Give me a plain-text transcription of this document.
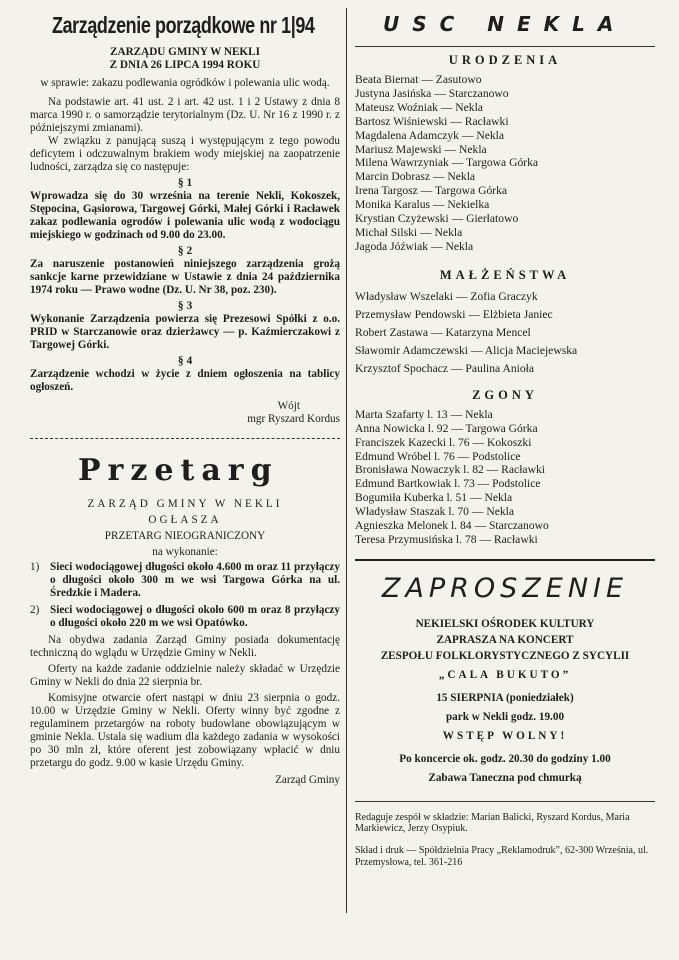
Zarządzenie porządkowe nr 1|94

ZARZĄDU GMINY W NEKLI

Z DNIA 26 LIPCA 1994 ROKU

w sprawie: zakazu podlewania ogródków i polewania ulic wodą.

Na podstawie art. 41 ust. 2 i art. 42 ust. 1 i 2 Ustawy z dnia 8 marca 1990 r. o samorządzie terytorialnym (Dz. U. Nr 16 z 1990 r. z późniejszymi zmianami).

W związku z panującą suszą i występującym z tego powodu deficytem i odczuwalnym brakiem wody miejskiej na zaopatrzenie ludności, zarządza się co następuje:

§ 1

Wprowadza się do 30 września na terenie Nekli, Kokoszek, Stępocina, Gąsiorowa, Targowej Górki, Małej Górki i Racławek zakaz podlewania ogrodów i polewania ulic wodą z wodociągu miejskiego w godzinach od 9.00 do 23.00.

§ 2

Za naruszenie postanowień niniejszego zarządzenia grożą sankcje karne przewidziane w Ustawie z dnia 24 października 1974 roku — Prawo wodne (Dz. U. Nr 38, poz. 230).

§ 3

Wykonanie Zarządzenia powierza się Prezesowi Spółki z o.o. PRID w Starczanowie oraz dzierżawcy — p. Kaźmierczakowi z Targowej Górki.

§ 4

Zarządzenie wchodzi w życie z dniem ogłoszenia na tablicy ogłoszeń.

Wójt
mgr Ryszard Kordus
Przetarg

ZARZĄD GMINY W NEKLI

OGŁASZA

PRZETARG NIEOGRANICZONY

na wykonanie:

1) Sieci wodociągowej długości około 4.600 m oraz 11 przyłączy o długości około 300 m we wsi Targowa Górka na ul. Średzkie i Madera.
2) Sieci wodociągowej o długości około 600 m oraz 8 przyłączy o długości około 220 m we wsi Opatówko.

Na obydwa zadania Zarząd Gminy posiada dokumentację techniczną do wglądu w Urzędzie Gminy w Nekli.

Oferty na każde zadanie oddzielnie należy składać w Urzędzie Gminy w Nekli do dnia 22 sierpnia br.

Komisyjne otwarcie ofert nastąpi w dniu 23 sierpnia o godz. 10.00 w Urzędzie Gminy w Nekli. Oferty winny być zgodne z regulaminem przetargów na roboty budowlane obowiązującym w gminie Nekla. Ustala się wadium dla każdego zadania w wysokości po 30 mln zł, które oferent jest zobowiązany wpłacić w dniu przetargu do godz. 9.00 w kasie Urzędu Gminy.

Zarząd Gminy
USC NEKLA
URODZENIA
Beata Biernat — Zasutowo
Justyna Jasińska — Starczanowo
Mateusz Woźniak — Nekla
Bartosz Wiśniewski — Racławki
Magdalena Adamczyk — Nekla
Mariusz Majewski — Nekla
Milena Wawrzyniak — Targowa Górka
Marcin Dobrasz — Nekla
Irena Targosz — Targowa Górka
Monika Karalus — Nekielka
Krystian Czyżewski — Gierłatowo
Michał Silski — Nekla
Jagoda Jóźwiak — Nekla
MAŁŻEŃSTWA
Władysław Wszelaki — Zofia Graczyk
Przemysław Pendowski — Elżbieta Janiec
Robert Zastawa — Katarzyna Mencel
Sławomir Adamczewski — Alicja Maciejewska
Krzysztof Spochacz — Paulina Anioła
ZGONY
Marta Szafarty l. 13 — Nekla
Anna Nowicka l. 92 — Targowa Górka
Franciszek Kazecki l. 76 — Kokoszki
Edmund Wróbel l. 76 — Podstolice
Bronisława Nowaczyk l. 82 — Racławki
Edmund Bartkowiak l. 73 — Podstolice
Bogumiła Kuberka l. 51 — Nekla
Władysław Staszak l. 70 — Nekla
Agnieszka Melonek l. 84 — Starczanowo
Teresa Przymusińska l. 78 — Racławki
ZAPROSZENIE

NEKIELSKI OŚRODEK KULTURY

ZAPRASZA NA KONCERT

ZESPOŁU FOLKLORYSTYCZNEGO Z SYCYLII

„CALA BUKUTO”

15 SIERPNIA (poniedziałek)

park w Nekli godz. 19.00

WSTĘP WOLNY!

Po koncercie ok. godz. 20.30 do godziny 1.00

Zabawa Taneczna pod chmurką

Redaguje zespół w składzie: Marian Balicki, Ryszard Kordus, Maria Markiewicz, Jerzy Osypiuk.

Skład i druk — Spółdzielnia Pracy „Reklamodruk”, 62-300 Września, ul. Przemysłowa, tel. 361-216
